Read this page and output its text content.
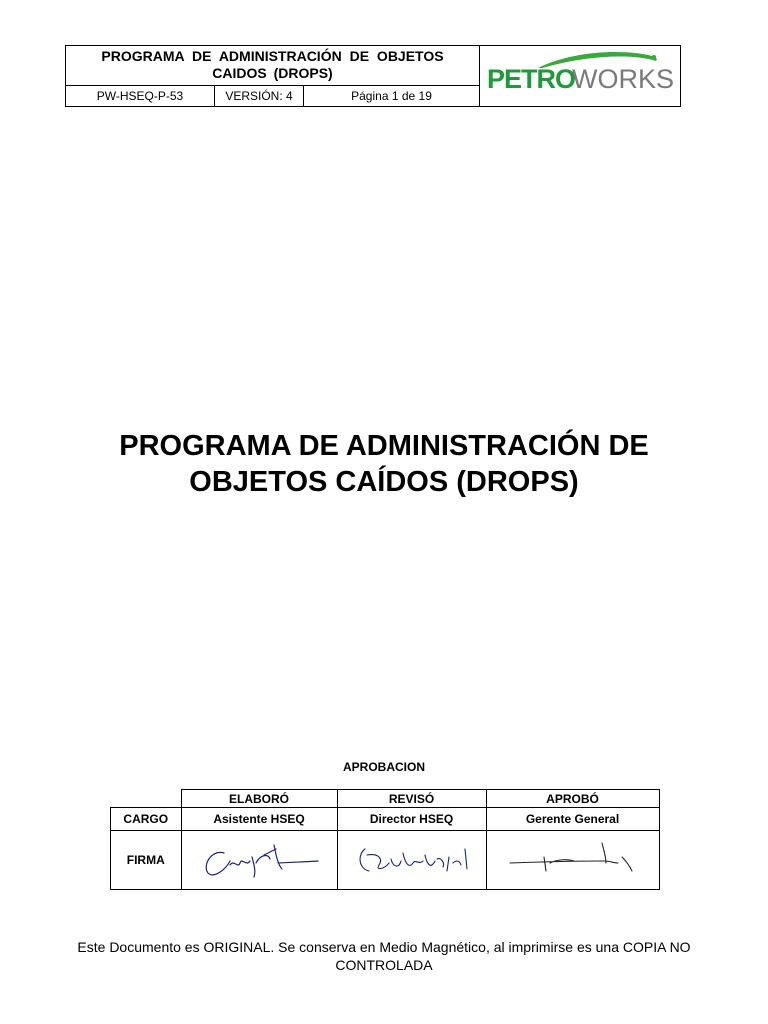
PROGRAMA DE ADMINISTRACIÓN DE OBJETOS
CAIDOS (DROPS)
PW-HSEQ-P-53	VERSIÓN: 4	Página 1 de 19
PETRO
WORKS
PROGRAMA DE ADMINISTRACIÓN DE
OBJETOS CAÍDOS (DROPS)
APROBACION
	ELABORÓ	REVISÓ	APROBÓ
CARGO	Asistente HSEQ	Director HSEQ	Gerente General
FIRMA	

Este Documento es ORIGINAL. Se conserva en Medio Magnético, al imprimirse es una COPIA NO
CONTROLADA
